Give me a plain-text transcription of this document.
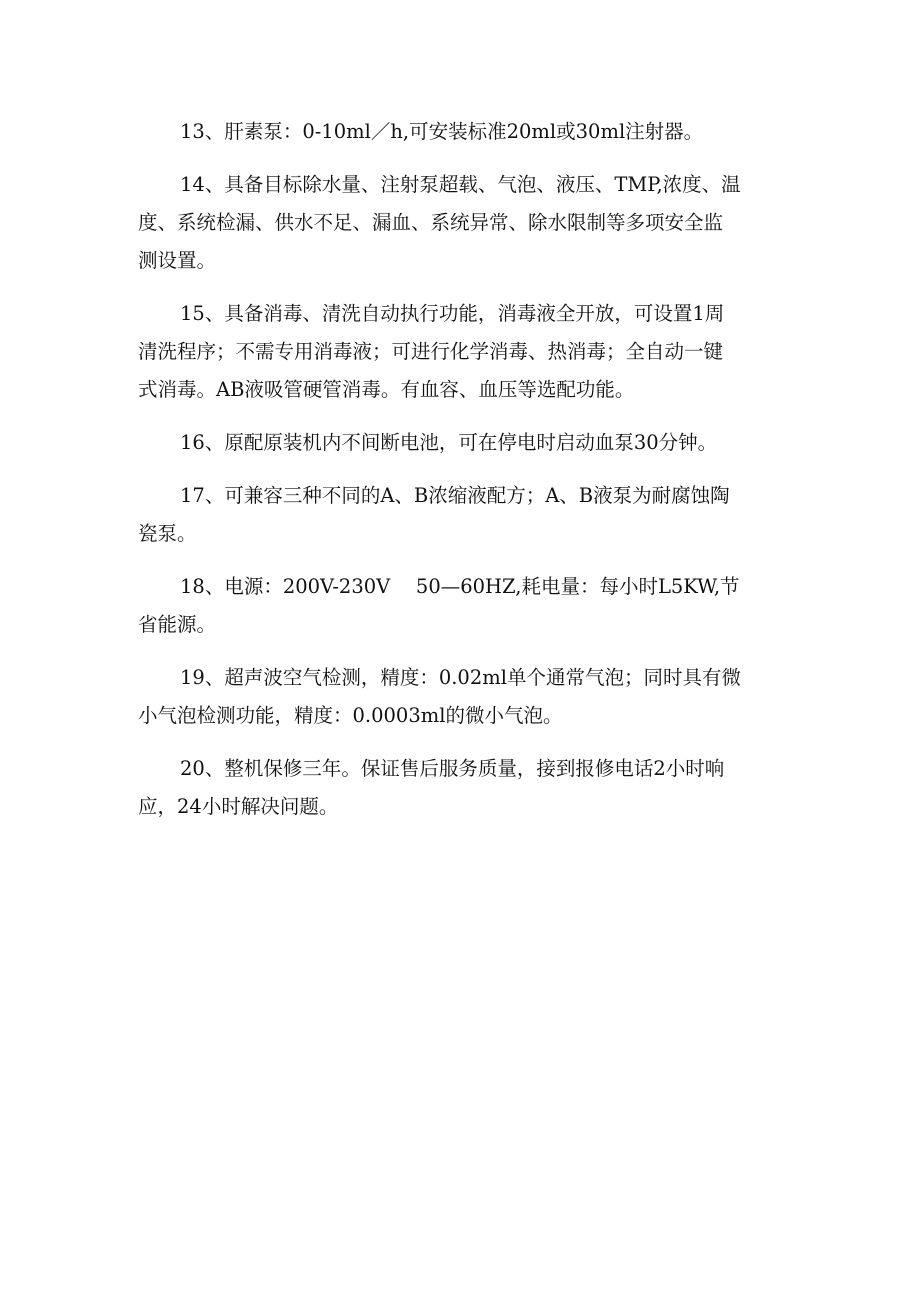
13、肝素泵：0-10ml／h,可安装标准20ml或30ml注射器。

14、具备目标除水量、注射泵超载、气泡、液压、TMP,浓度、温
度、系统检漏、供水不足、漏血、系统异常、除水限制等多项安全监
测设置。

15、具备消毒、清洗自动执行功能，消毒液全开放，可设置1周
清洗程序；不需专用消毒液；可进行化学消毒、热消毒；全自动一键
式消毒。AB液吸管硬管消毒。有血容、血压等选配功能。

16、原配原装机内不间断电池，可在停电时启动血泵30分钟。

17、可兼容三种不同的A、B浓缩液配方；A、B液泵为耐腐蚀陶
瓷泵。

18、电源：200V-230V　 50—60HZ,耗电量：每小时L5KW,节
省能源。

19、超声波空气检测，精度：0.02ml单个通常气泡；同时具有微
小气泡检测功能，精度：0.0003ml的微小气泡。

20、整机保修三年。保证售后服务质量，接到报修电话2小时响
应，24小时解决问题。
